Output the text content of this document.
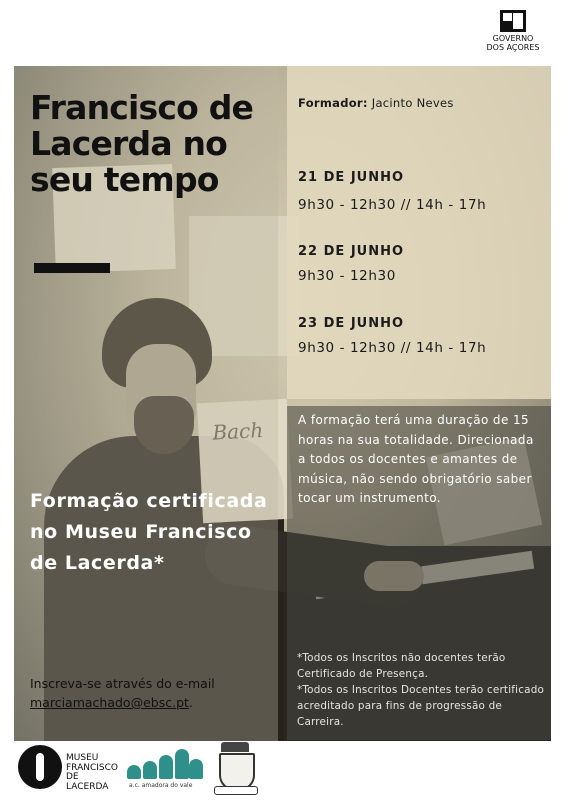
GOVERNO
DOS AÇORES
Bach
Francisco de Lacerda no seu tempo

Formação certificada no Museu Francisco de Lacerda*

Inscreva-se através do e-mail
marciamachado@ebsc.pt.
Formador: Jacinto Neves
21 DE JUNHO
9h30 - 12h30 // 14h - 17h
22 DE JUNHO
9h30 - 12h30
23 DE JUNHO
9h30 - 12h30 // 14h - 17h

A formação terá uma duração de 15 horas na sua totalidade. Direcionada a todos os docentes e amantes de música, não sendo obrigatório saber tocar um instrumento.

*Todos os Inscritos não docentes terão Certificado de Presença.

*Todos os Inscritos Docentes terão certificado acreditado para fins de progressão de Carreira.

MUSEU
FRANCISCO
DE LACERDA	a.c. amadora do vale
